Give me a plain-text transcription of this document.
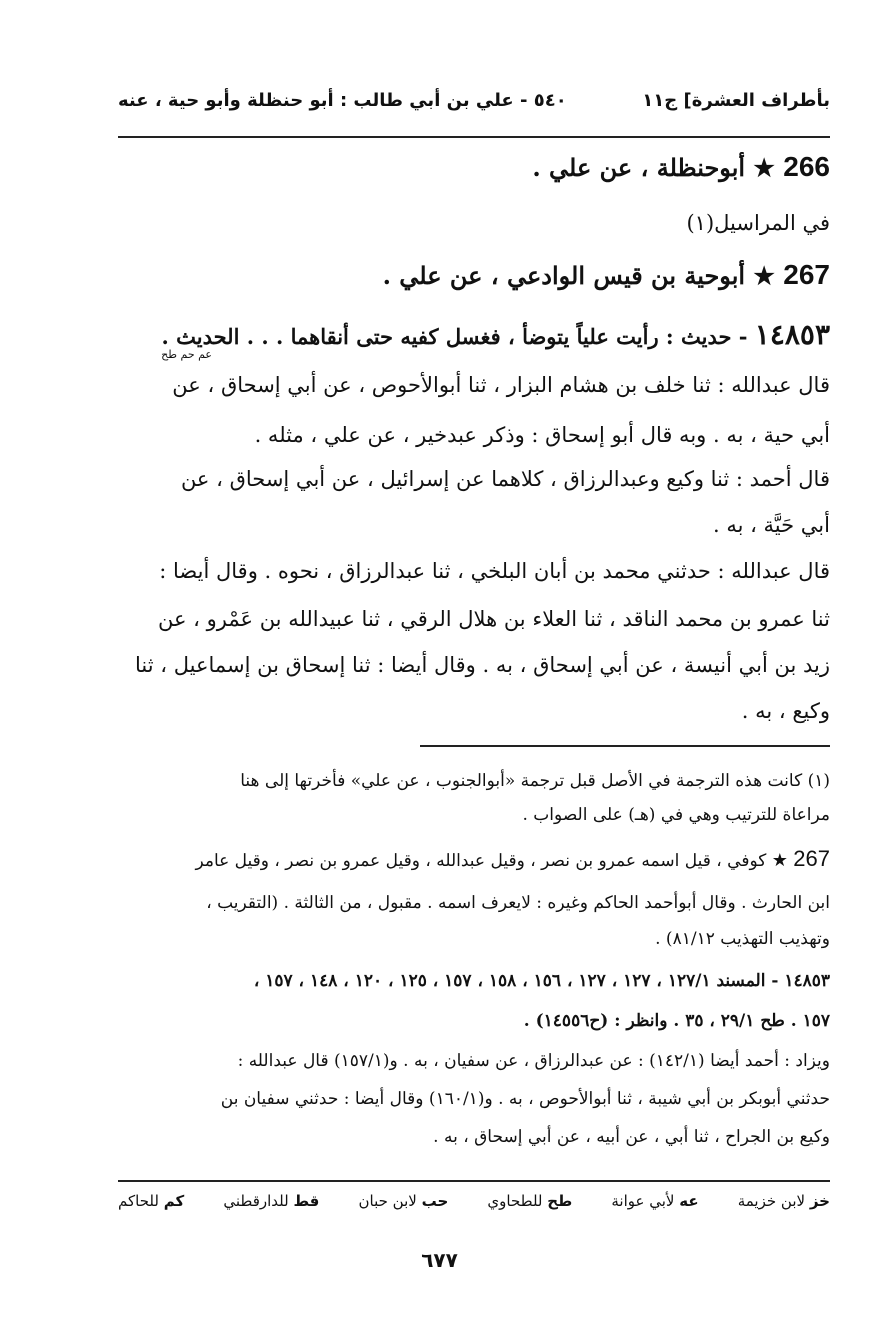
بأطراف العشرة] ج١١
٥٤٠ - علي بن أبي طالب : أبو حنظلة وأبو حية ، عنه
266 ★ أبوحنظلة ، عن علي .
في المراسيل(١)
267 ★ أبوحية بن قيس الوادعي ، عن علي .
١٤٨٥٣ - حديث : رأيت علياً يتوضأ ، فغسل كفيه حتى أنقاهما . . . الحديث .
عم حم طح
قال عبدالله : ثنا خلف بن هشام البزار ، ثنا أبوالأحوص ، عن أبي إسحاق ، عن
أبي حية ، به . وبه قال أبو إسحاق : وذكر عبدخير ، عن علي ، مثله .
قال أحمد : ثنا وكيع وعبدالرزاق ، كلاهما عن إسرائيل ، عن أبي إسحاق ، عن
أبي حَيَّة ، به .
قال عبدالله : حدثني محمد بن أبان البلخي ، ثنا عبدالرزاق ، نحوه . وقال أيضا :
ثنا عمرو بن محمد الناقد ، ثنا العلاء بن هلال الرقي ، ثنا عبيدالله بن عَمْرو ، عن
زيد بن أبي أنيسة ، عن أبي إسحاق ، به . وقال أيضا : ثنا إسحاق بن إسماعيل ، ثنا
وكيع ، به .
(١) كانت هذه الترجمة في الأصل قبل ترجمة «أبوالجنوب ، عن علي» فأخرتها إلى هنا
مراعاة للترتيب وهي في (هـ) على الصواب .
267 ★ كوفي ، قيل اسمه عمرو بن نصر ، وقيل عبدالله ، وقيل عمرو بن نصر ، وقيل عامر
ابن الحارث . وقال أبوأحمد الحاكم وغيره : لايعرف اسمه . مقبول ، من الثالثة . (التقريب ،
وتهذيب التهذيب ٨١/١٢) .
١٤٨٥٣ - المسند ١٢٧/١ ، ١٢٧ ، ١٢٧ ، ١٥٦ ، ١٥٨ ، ١٥٧ ، ١٢٥ ، ١٢٠ ، ١٤٨ ، ١٥٧ ،
١٥٧ . طح ٢٩/١ ، ٣٥ . وانظر : (ح١٤٥٥٦) .
ويزاد : أحمد أيضا (١٤٢/١) : عن عبدالرزاق ، عن سفيان ، به . و(١٥٧/١) قال عبدالله :
حدثني أبوبكر بن أبي شيبة ، ثنا أبوالأحوص ، به . و(١٦٠/١) وقال أيضا : حدثني سفيان بن
وكيع بن الجراح ، ثنا أبي ، عن أبيه ، عن أبي إسحاق ، به .
خز لابن خزيمة
عه لأبي عوانة
طح للطحاوي
حب لابن حبان
قط للدارقطني
كم للحاكم
٦٧٧
